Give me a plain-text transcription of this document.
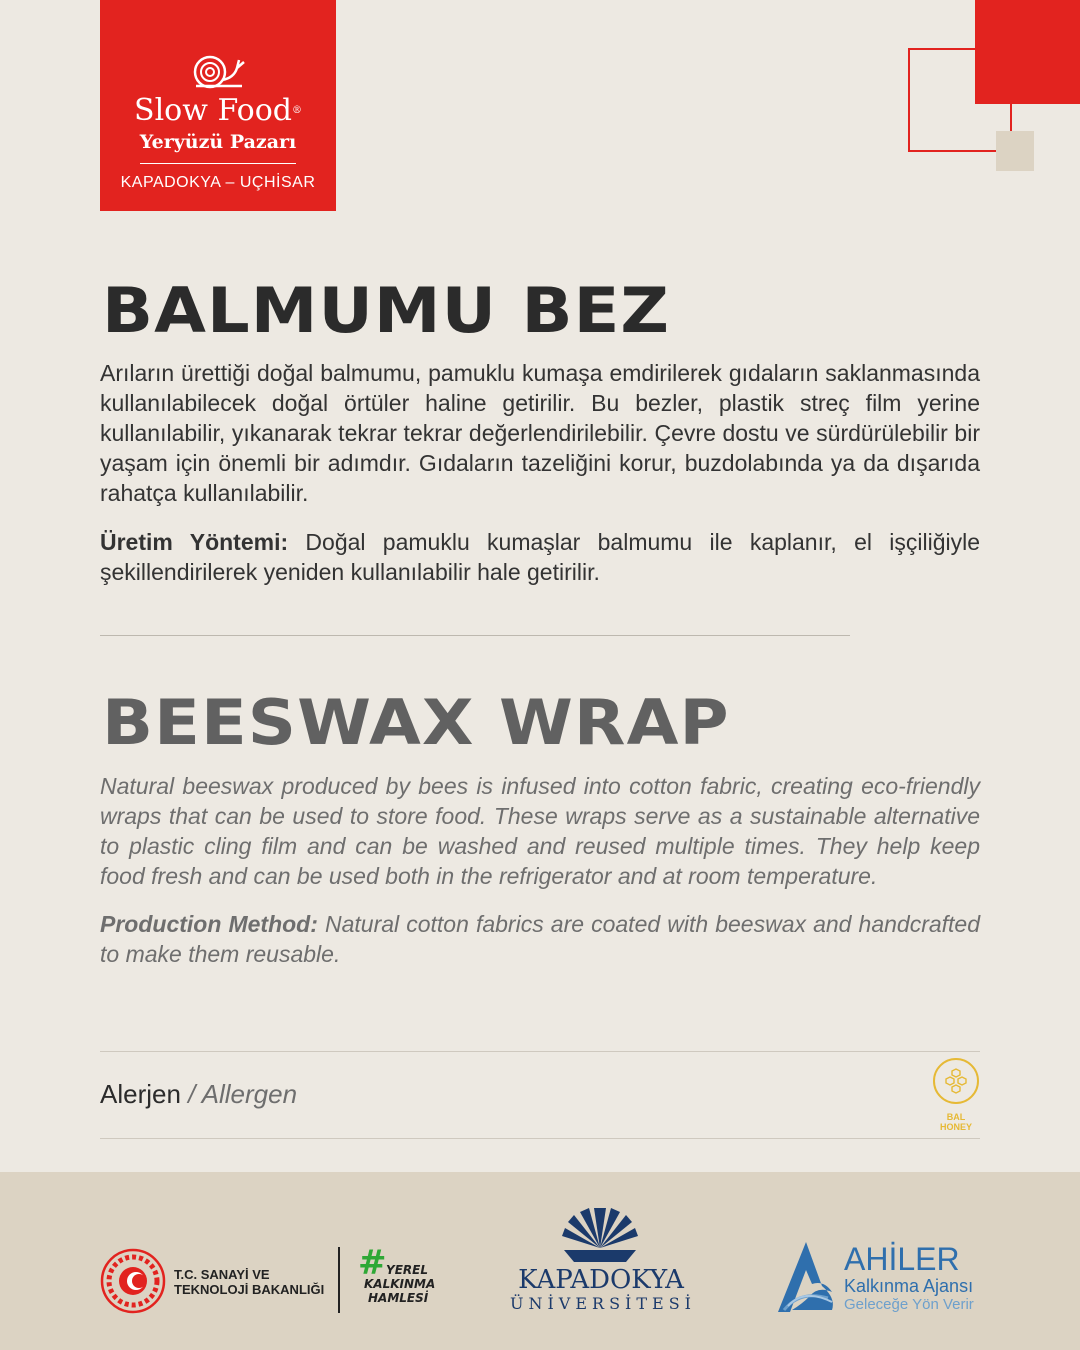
Slow Food®
Yeryüzü Pazarı
KAPADOKYA – UÇHİSAR
BALMUMU BEZ

Arıların ürettiği doğal balmumu, pamuklu kumaşa emdirilerek gıdaların saklanmasında kullanılabilecek doğal örtüler haline getirilir. Bu bezler, plastik streç film yerine kullanılabilir, yıkanarak tekrar tekrar değerlendirilebilir. Çevre dostu ve sürdürülebilir bir yaşam için önemli bir adımdır. Gıdaların tazeliğini korur, buzdolabında ya da dışarıda rahatça kullanılabilir.

Üretim Yöntemi: Doğal pamuklu kumaşlar balmumu ile kaplanır, el işçiliğiyle şekillendirilerek yeniden kullanılabilir hale getirilir.

BEESWAX WRAP

Natural beeswax produced by bees is infused into cotton fabric, creating eco-friendly wraps that can be used to store food. These wraps serve as a sustainable alternative to plastic cling film and can be washed and reused multiple times. They help keep food fresh and can be used both in the refrigerator and at room temperature.

Production Method: Natural cotton fabrics are coated with beeswax and handcrafted to make them reusable.

Alerjen / Allergen
BAL
HONEY
T.C. SANAYİ VE
TEKNOLOJİ BAKANLIĞI
# YEREL
KALKINMA
HAMLESİ
KAPADOKYA
ÜNİVERSİTESİ
AHİLER
Kalkınma Ajansı
Geleceğe Yön Verir
